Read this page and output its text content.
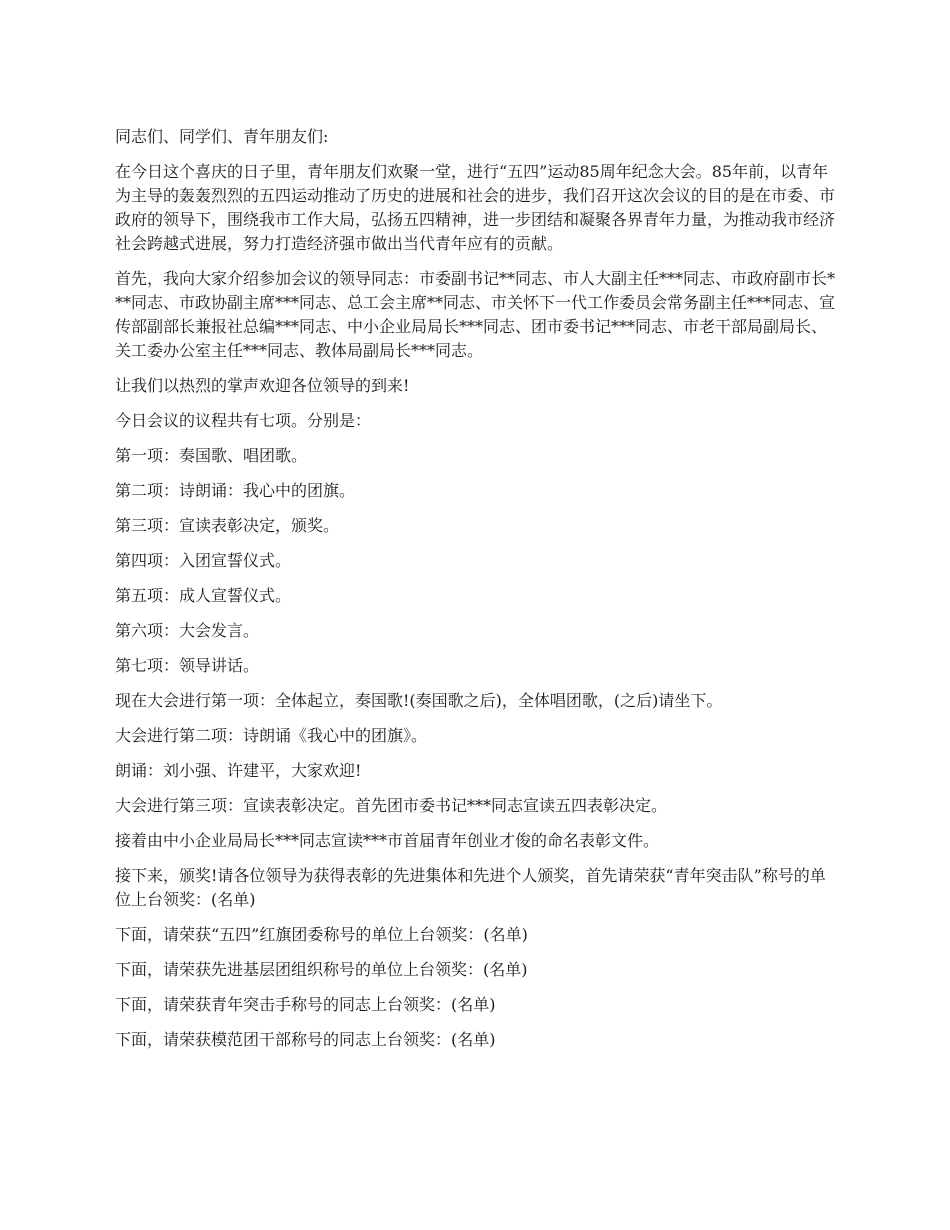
同志们、同学们、青年朋友们:

在今日这个喜庆的日子里，青年朋友们欢聚一堂，进行“五四”运动85周年纪念大会。85年前，以青年为主导的轰轰烈烈的五四运动推动了历史的进展和社会的进步，我们召开这次会议的目的是在市委、市政府的领导下，围绕我市工作大局，弘扬五四精神，进一步团结和凝聚各界青年力量，为推动我市经济社会跨越式进展，努力打造经济强市做出当代青年应有的贡献。

首先，我向大家介绍参加会议的领导同志：市委副书记**同志、市人大副主任***同志、市政府副市长***同志、市政协副主席***同志、总工会主席**同志、市关怀下一代工作委员会常务副主任***同志、宣传部副部长兼报社总编***同志、中小企业局局长***同志、团市委书记***同志、市老干部局副局长、关工委办公室主任***同志、教体局副局长***同志。

让我们以热烈的掌声欢迎各位领导的到来!

今日会议的议程共有七项。分别是：

第一项：奏国歌、唱团歌。

第二项：诗朗诵：我心中的团旗。

第三项：宣读表彰决定，颁奖。

第四项：入团宣誓仪式。

第五项：成人宣誓仪式。

第六项：大会发言。

第七项：领导讲话。

现在大会进行第一项：全体起立，奏国歌!(奏国歌之后)，全体唱团歌，(之后)请坐下。

大会进行第二项：诗朗诵《我心中的团旗》。

朗诵：刘小强、许建平，大家欢迎!

大会进行第三项：宣读表彰决定。首先团市委书记***同志宣读五四表彰决定。

接着由中小企业局局长***同志宣读***市首届青年创业才俊的命名表彰文件。

接下来，颁奖!请各位领导为获得表彰的先进集体和先进个人颁奖，首先请荣获“青年突击队”称号的单位上台领奖：(名单)

下面，请荣获“五四”红旗团委称号的单位上台领奖：(名单)

下面，请荣获先进基层团组织称号的单位上台领奖：(名单)

下面，请荣获青年突击手称号的同志上台领奖：(名单)

下面，请荣获模范团干部称号的同志上台领奖：(名单)
